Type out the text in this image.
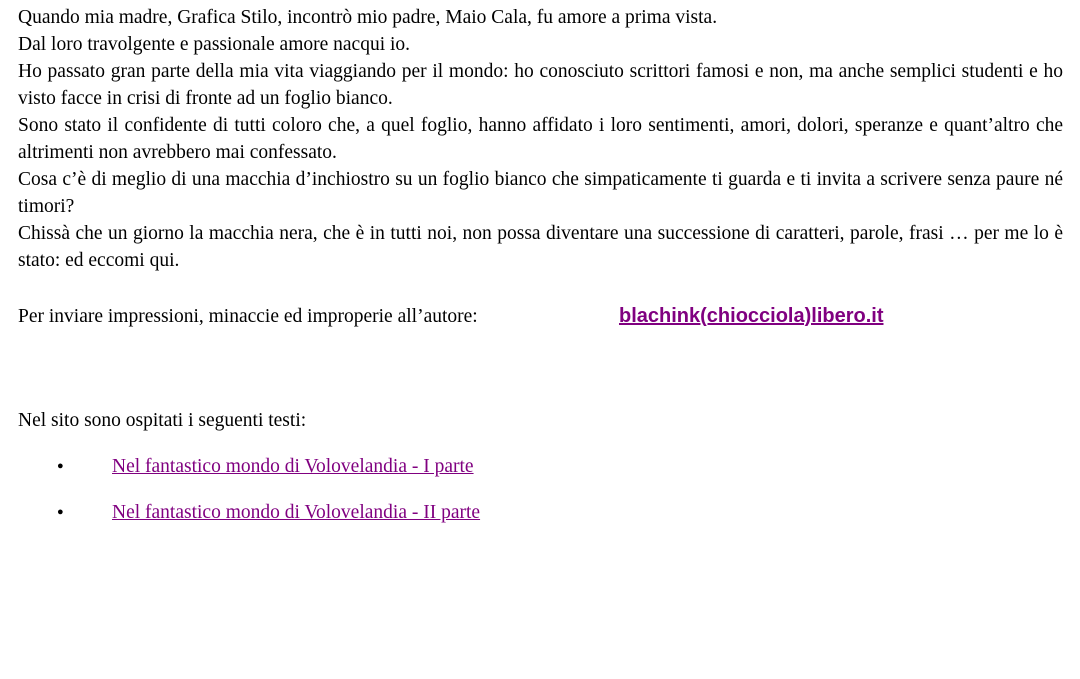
Quando mia madre, Grafica Stilo, incontrò mio padre, Maio Cala, fu amore a prima vista.

Dal loro travolgente e passionale amore nacqui io.

Ho passato gran parte della mia vita viaggiando per il mondo: ho conosciuto scrittori famosi e non, ma anche semplici studenti e ho visto facce in crisi di fronte ad un foglio bianco.

Sono stato il confidente di tutti coloro che, a quel foglio, hanno affidato i loro sentimenti, amori, dolori, speranze e quant’altro che altrimenti non avrebbero mai confessato.

Cosa c’è di meglio di una macchia d’inchiostro su un foglio bianco che simpaticamente ti guarda e ti invita a scrivere senza paure né timori?

Chissà che un giorno la macchia nera, che è in tutti noi, non possa diventare una successione di caratteri, parole, frasi … per me lo è stato: ed eccomi qui.

Per inviare impressioni, minaccie ed improperie all’autore:	blachink(chiocciola)libero.it
Nel sito sono ospitati i seguenti testi:
● Nel fantastico mondo di Volovelandia - I parte
● Nel fantastico mondo di Volovelandia - II parte
